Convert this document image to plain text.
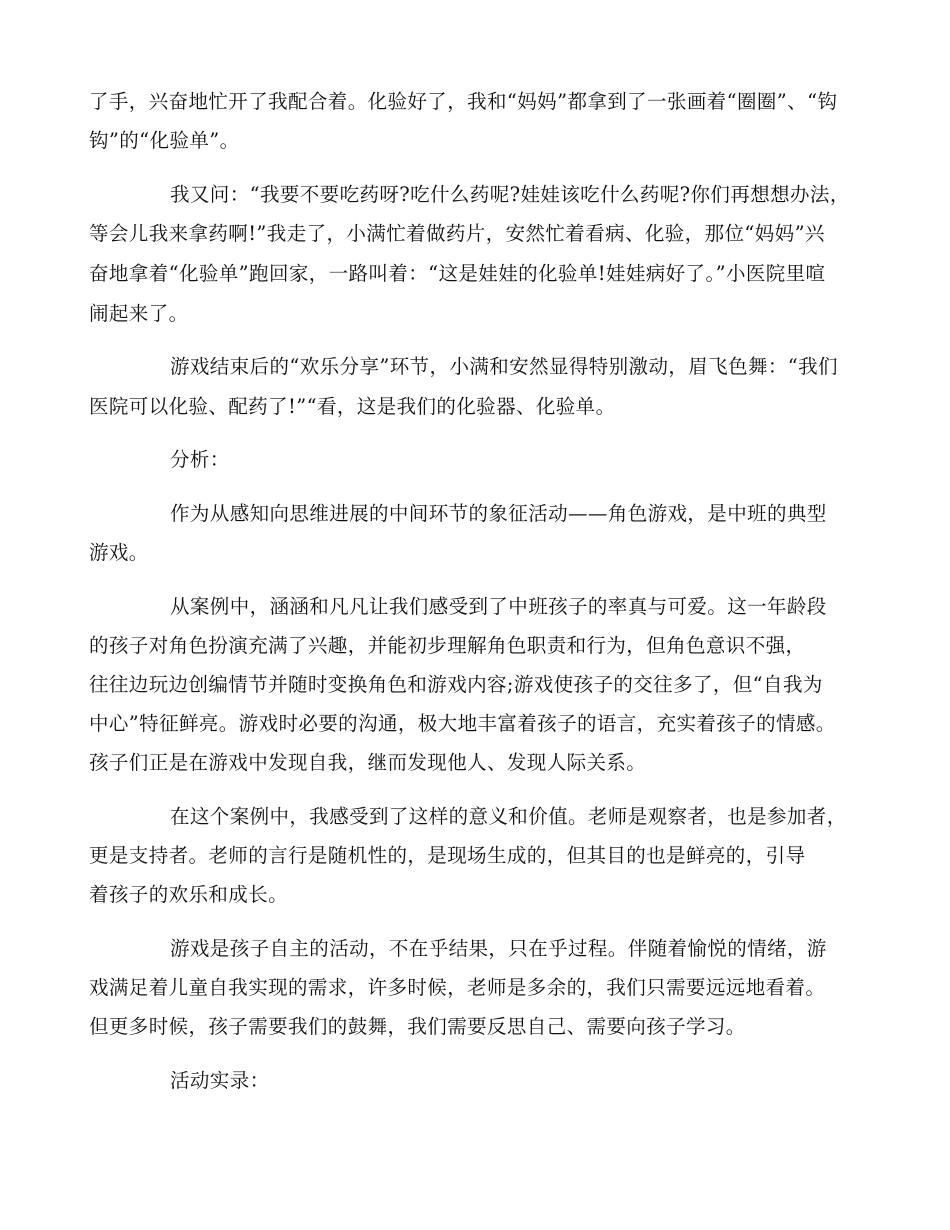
了手，兴奋地忙开了我配合着。化验好了，我和“妈妈”都拿到了一张画着“圈圈”、“钩
钩”的“化验单”。
我又问：“我要不要吃药呀?吃什么药呢?娃娃该吃什么药呢?你们再想想办法，
等会儿我来拿药啊!”我走了，小满忙着做药片，安然忙着看病、化验，那位“妈妈”兴
奋地拿着“化验单”跑回家，一路叫着：“这是娃娃的化验单!娃娃病好了。”小医院里喧
闹起来了。
游戏结束后的“欢乐分享”环节，小满和安然显得特别激动，眉飞色舞：“我们
医院可以化验、配药了!”“看，这是我们的化验器、化验单。
分析：
作为从感知向思维进展的中间环节的象征活动——角色游戏，是中班的典型
游戏。
从案例中，涵涵和凡凡让我们感受到了中班孩子的率真与可爱。这一年龄段
的孩子对角色扮演充满了兴趣，并能初步理解角色职责和行为，但角色意识不强，
往往边玩边创编情节并随时变换角色和游戏内容;游戏使孩子的交往多了，但“自我为
中心”特征鲜亮。游戏时必要的沟通，极大地丰富着孩子的语言，充实着孩子的情感。
孩子们正是在游戏中发现自我，继而发现他人、发现人际关系。
在这个案例中，我感受到了这样的意义和价值。老师是观察者，也是参加者，
更是支持者。老师的言行是随机性的，是现场生成的，但其目的也是鲜亮的，引导
着孩子的欢乐和成长。
游戏是孩子自主的活动，不在乎结果，只在乎过程。伴随着愉悦的情绪，游
戏满足着儿童自我实现的需求，许多时候，老师是多余的，我们只需要远远地看着。
但更多时候，孩子需要我们的鼓舞，我们需要反思自己、需要向孩子学习。
活动实录：
